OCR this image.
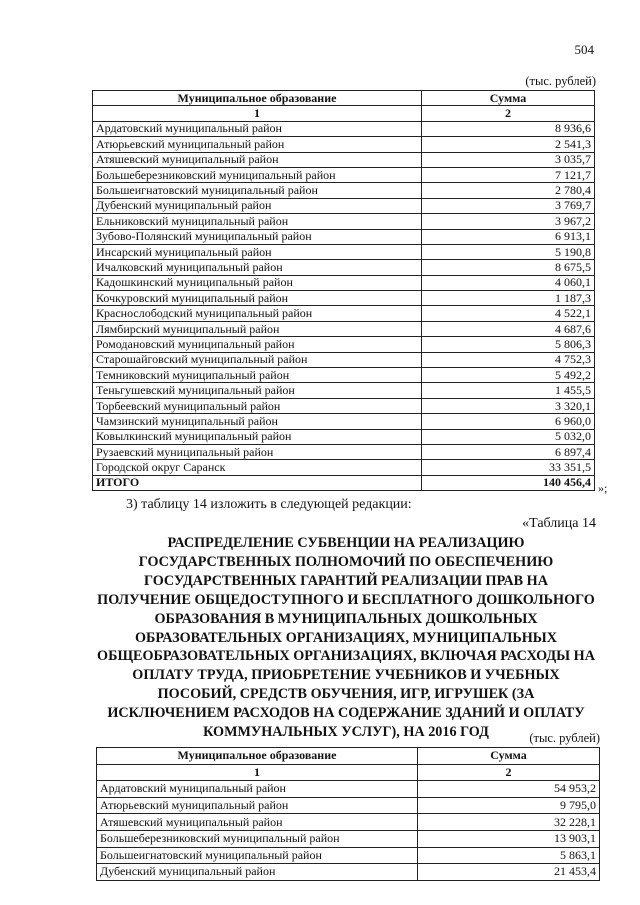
504
(тыс. рублей)
Муниципальное образование	Сумма
1	2
Ардатовский муниципальный район	8 936,6
Атюрьевский муниципальный район	2 541,3
Атяшевский муниципальный район	3 035,7
Большеберезниковский муниципальный район	7 121,7
Большеигнатовский муниципальный район	2 780,4
Дубенский муниципальный район	3 769,7
Ельниковский муниципальный район	3 967,2
Зубово-Полянский муниципальный район	6 913,1
Инсарский муниципальный район	5 190,8
Ичалковский муниципальный район	8 675,5
Кадошкинский муниципальный район	4 060,1
Кочкуровский муниципальный район	1 187,3
Краснослободский муниципальный район	4 522,1
Лямбирский муниципальный район	4 687,6
Ромодановский муниципальный район	5 806,3
Старошайговский муниципальный район	4 752,3
Темниковский муниципальный район	5 492,2
Теньгушевский муниципальный район	1 455,5
Торбеевский муниципальный район	3 320,1
Чамзинский муниципальный район	6 960,0
Ковылкинский муниципальный район	5 032,0
Рузаевский муниципальный район	6 897,4
Городской округ Саранск	33 351,5
ИТОГО	140 456,4 »;
3) таблицу 14 изложить в следующей редакции:
«Таблица 14
РАСПРЕДЕЛЕНИЕ СУБВЕНЦИИ НА РЕАЛИЗАЦИЮ ГОСУДАРСТВЕННЫХ ПОЛНОМОЧИЙ ПО ОБЕСПЕЧЕНИЮ ГОСУДАРСТВЕННЫХ ГАРАНТИЙ РЕАЛИЗАЦИИ ПРАВ НА ПОЛУЧЕНИЕ ОБЩЕДОСТУПНОГО И БЕСПЛАТНОГО ДОШКОЛЬНОГО ОБРАЗОВАНИЯ В МУНИЦИПАЛЬНЫХ ДОШКОЛЬНЫХ ОБРАЗОВАТЕЛЬНЫХ ОРГАНИЗАЦИЯХ, МУНИЦИПАЛЬНЫХ ОБЩЕОБРАЗОВАТЕЛЬНЫХ ОРГАНИЗАЦИЯХ, ВКЛЮЧАЯ РАСХОДЫ НА ОПЛАТУ ТРУДА, ПРИОБРЕТЕНИЕ УЧЕБНИКОВ И УЧЕБНЫХ ПОСОБИЙ, СРЕДСТВ ОБУЧЕНИЯ, ИГР, ИГРУШЕК (ЗА ИСКЛЮЧЕНИЕМ РАСХОДОВ НА СОДЕРЖАНИЕ ЗДАНИЙ И ОПЛАТУ КОММУНАЛЬНЫХ УСЛУГ), НА 2016 ГОД	(тыс. рублей)
Муниципальное образование	Сумма
1	2
Ардатовский муниципальный район	54 953,2
Атюрьевский муниципальный район	9 795,0
Атяшевский муниципальный район	32 228,1
Большеберезниковский муниципальный район	13 903,1
Большеигнатовский муниципальный район	5 863,1
Дубенский муниципальный район	21 453,4
